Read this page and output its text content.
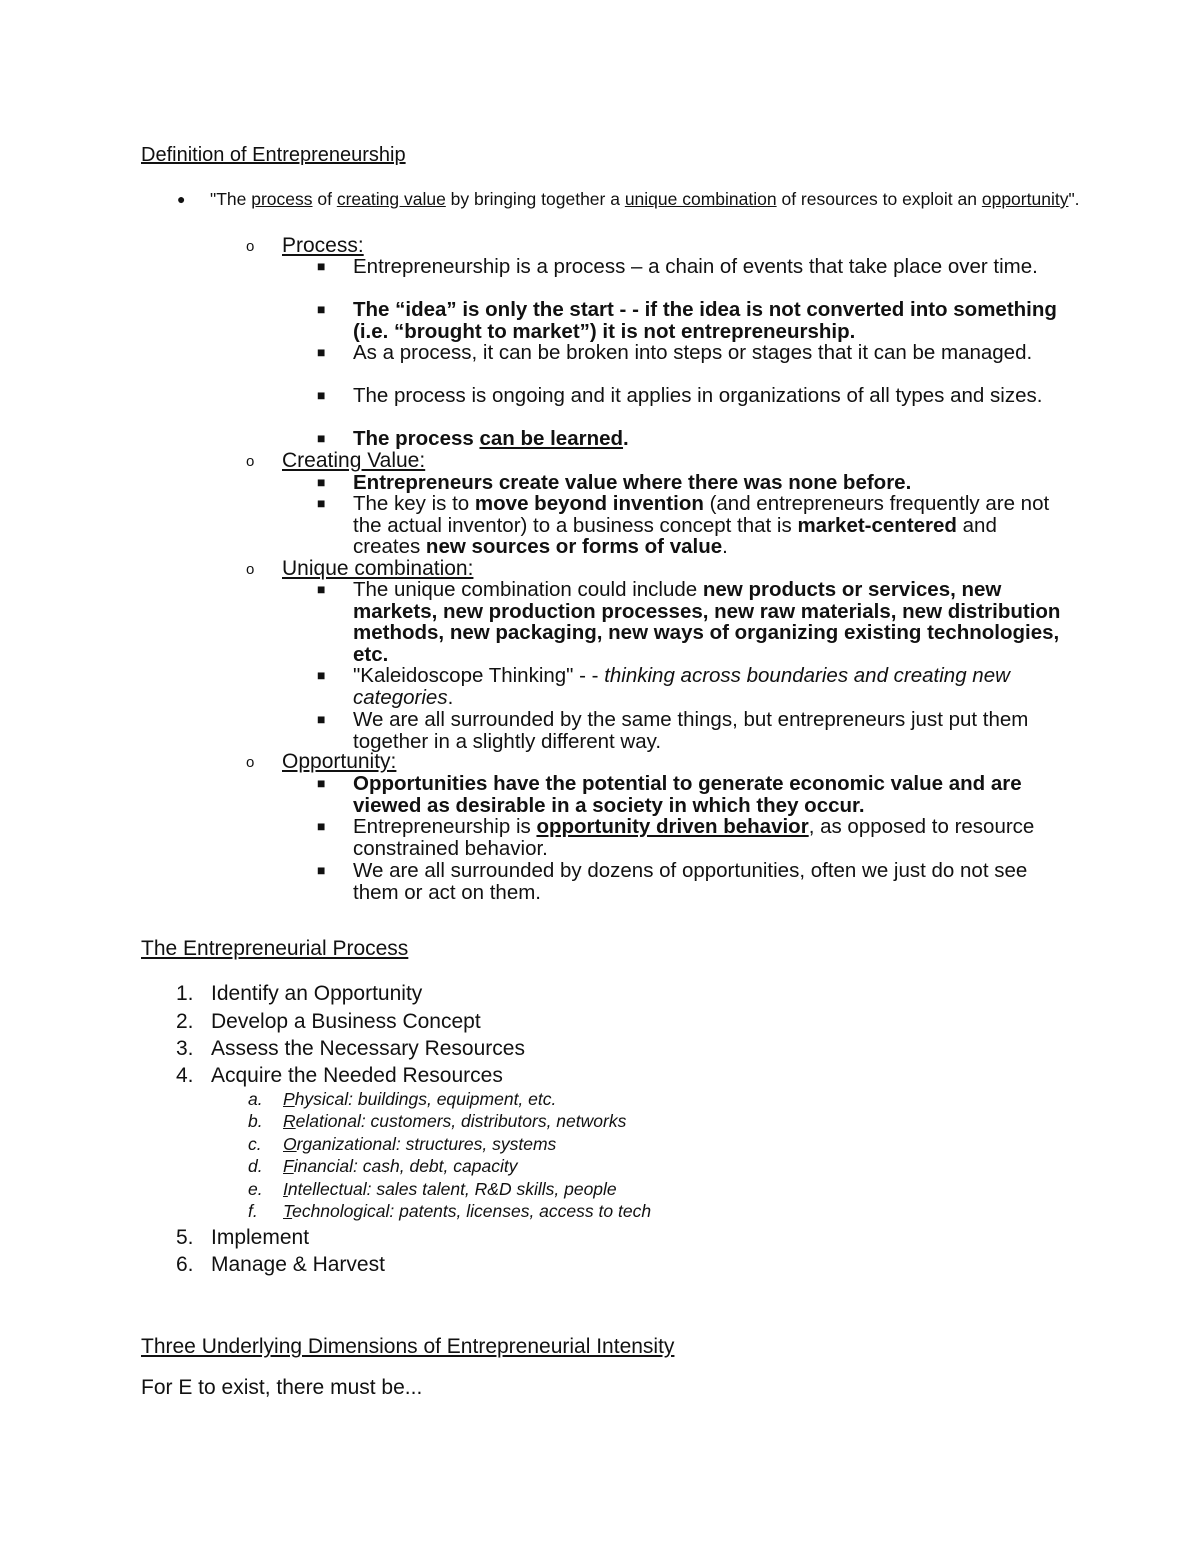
Definition of Entrepreneurship
● "The process of creating value by bringing together a unique combination of resources to exploit an opportunity".
o Process:
■ Entrepreneurship is a process – a chain of events that take place over time.
■ The “idea” is only the start - - if the idea is not converted into something (i.e. “brought to market”) it is not entrepreneurship.
■ As a process, it can be broken into steps or stages that it can be managed.
■ The process is ongoing and it applies in organizations of all types and sizes.
■ The process can be learned.
o Creating Value:
■ Entrepreneurs create value where there was none before.
■ The key is to move beyond invention (and entrepreneurs frequently are not the actual inventor) to a business concept that is market-centered and creates new sources or forms of value.
o Unique combination:
■ The unique combination could include new products or services, new markets, new production processes, new raw materials, new distribution methods, new packaging, new ways of organizing existing technologies, etc.
■ "Kaleidoscope Thinking" - - thinking across boundaries and creating new categories.
■ We are all surrounded by the same things, but entrepreneurs just put them together in a slightly different way.
o Opportunity:
■ Opportunities have the potential to generate economic value and are viewed as desirable in a society in which they occur.
■ Entrepreneurship is opportunity driven behavior, as opposed to resource constrained behavior.
■ We are all surrounded by dozens of opportunities, often we just do not see them or act on them.
The Entrepreneurial Process
1. Identify an Opportunity
2. Develop a Business Concept
3. Assess the Necessary Resources
4. Acquire the Needed Resources
a. Physical: buildings, equipment, etc.
b. Relational: customers, distributors, networks
c. Organizational: structures, systems
d. Financial: cash, debt, capacity
e. Intellectual: sales talent, R&D skills, people
f. Technological: patents, licenses, access to tech
5. Implement
6. Manage & Harvest
Three Underlying Dimensions of Entrepreneurial Intensity
For E to exist, there must be...
